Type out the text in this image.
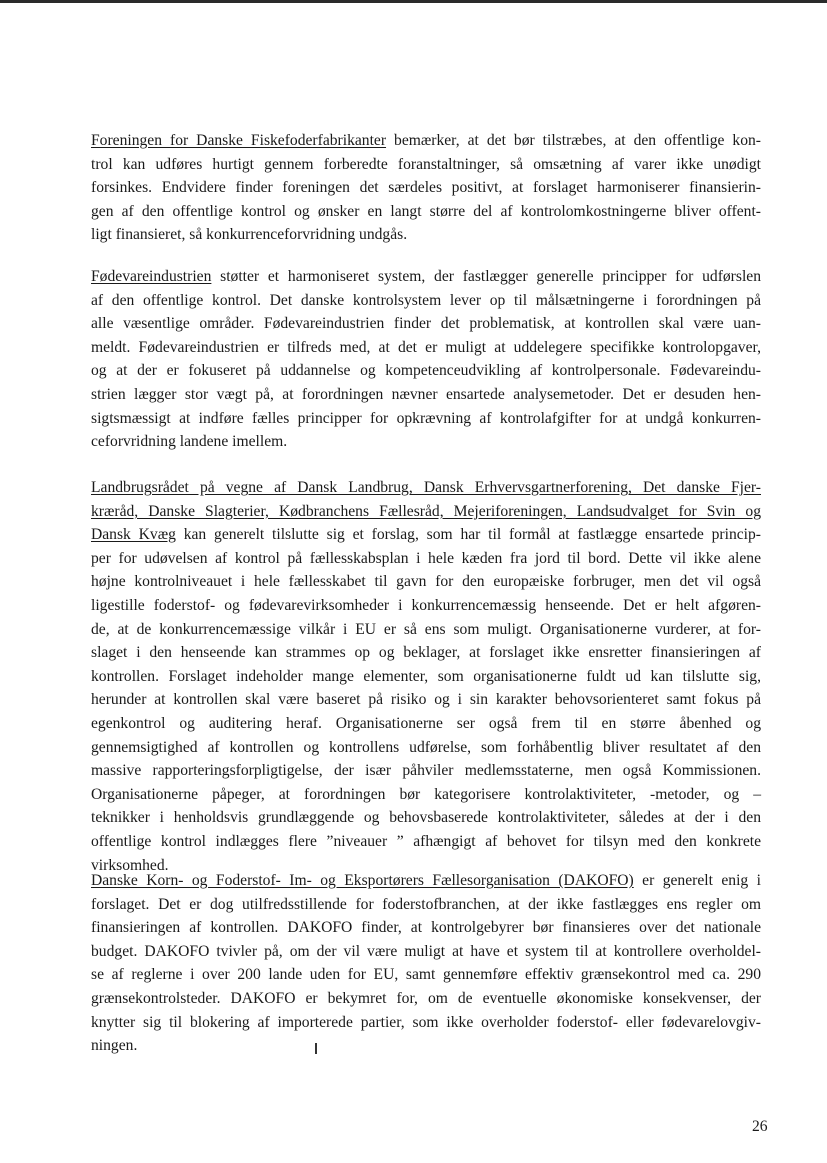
Foreningen for Danske Fiskefoderfabrikanter bemærker, at det bør tilstræbes, at den offentlige kon-
trol kan udføres hurtigt gennem forberedte foranstaltninger, så omsætning af varer ikke unødigt
forsinkes. Endvidere finder foreningen det særdeles positivt, at forslaget harmoniserer finansierin-
gen af den offentlige kontrol og ønsker en langt større del af kontrolomkostningerne bliver offent-
ligt finansieret, så konkurrenceforvridning undgås.
Fødevareindustrien støtter et harmoniseret system, der fastlægger generelle principper for udførslen
af den offentlige kontrol. Det danske kontrolsystem lever op til målsætningerne i forordningen på
alle væsentlige områder. Fødevareindustrien finder det problematisk, at kontrollen skal være uan-
meldt. Fødevareindustrien er tilfreds med, at det er muligt at uddelegere specifikke kontrolopgaver,
og at der er fokuseret på uddannelse og kompetenceudvikling af kontrolpersonale. Fødevareindu-
strien lægger stor vægt på, at forordningen nævner ensartede analysemetoder. Det er desuden hen-
sigtsmæssigt at indføre fælles principper for opkrævning af kontrolafgifter for at undgå konkurren-
ceforvridning landene imellem.
Landbrugsrådet på vegne af Dansk Landbrug, Dansk Erhvervsgartnerforening, Det danske Fjer-
kræråd, Danske Slagterier, Kødbranchens Fællesråd, Mejeriforeningen, Landsudvalget for Svin og
Dansk Kvæg kan generelt tilslutte sig et forslag, som har til formål at fastlægge ensartede princip-
per for udøvelsen af kontrol på fællesskabsplan i hele kæden fra jord til bord. Dette vil ikke alene
højne kontrolniveauet i hele fællesskabet til gavn for den europæiske forbruger, men det vil også
ligestille foderstof- og fødevarevirksomheder i konkurrencemæssig henseende. Det er helt afgøren-
de, at de konkurrencemæssige vilkår i EU er så ens som muligt. Organisationerne vurderer, at for-
slaget i den henseende kan strammes op og beklager, at forslaget ikke ensretter finansieringen af
kontrollen. Forslaget indeholder mange elementer, som organisationerne fuldt ud kan tilslutte sig,
herunder at kontrollen skal være baseret på risiko og i sin karakter behovsorienteret samt fokus på
egenkontrol og auditering heraf. Organisationerne ser også frem til en større åbenhed og
gennemsigtighed af kontrollen og kontrollens udførelse, som forhåbentlig bliver resultatet af den
massive rapporteringsforpligtigelse, der især påhviler medlemsstaterne, men også Kommissionen.
Organisationerne påpeger, at forordningen bør kategorisere kontrolaktiviteter, -metoder, og –
teknikker i henholdsvis grundlæggende og behovsbaserede kontrolaktiviteter, således at der i den
offentlige kontrol indlægges flere ”niveauer ” afhængigt af behovet for tilsyn med den konkrete
virksomhed.
Danske Korn- og Foderstof- Im- og Eksportørers Fællesorganisation (DAKOFO) er generelt enig i
forslaget. Det er dog utilfredsstillende for foderstofbranchen, at der ikke fastlægges ens regler om
finansieringen af kontrollen. DAKOFO finder, at kontrolgebyrer bør finansieres over det nationale
budget. DAKOFO tvivler på, om der vil være muligt at have et system til at kontrollere overholdel-
se af reglerne i over 200 lande uden for EU, samt gennemføre effektiv grænsekontrol med ca. 290
grænsekontrolsteder. DAKOFO er bekymret for, om de eventuelle økonomiske konsekvenser, der
knytter sig til blokering af importerede partier, som ikke overholder foderstof- eller fødevarelovgiv-
ningen.
26
